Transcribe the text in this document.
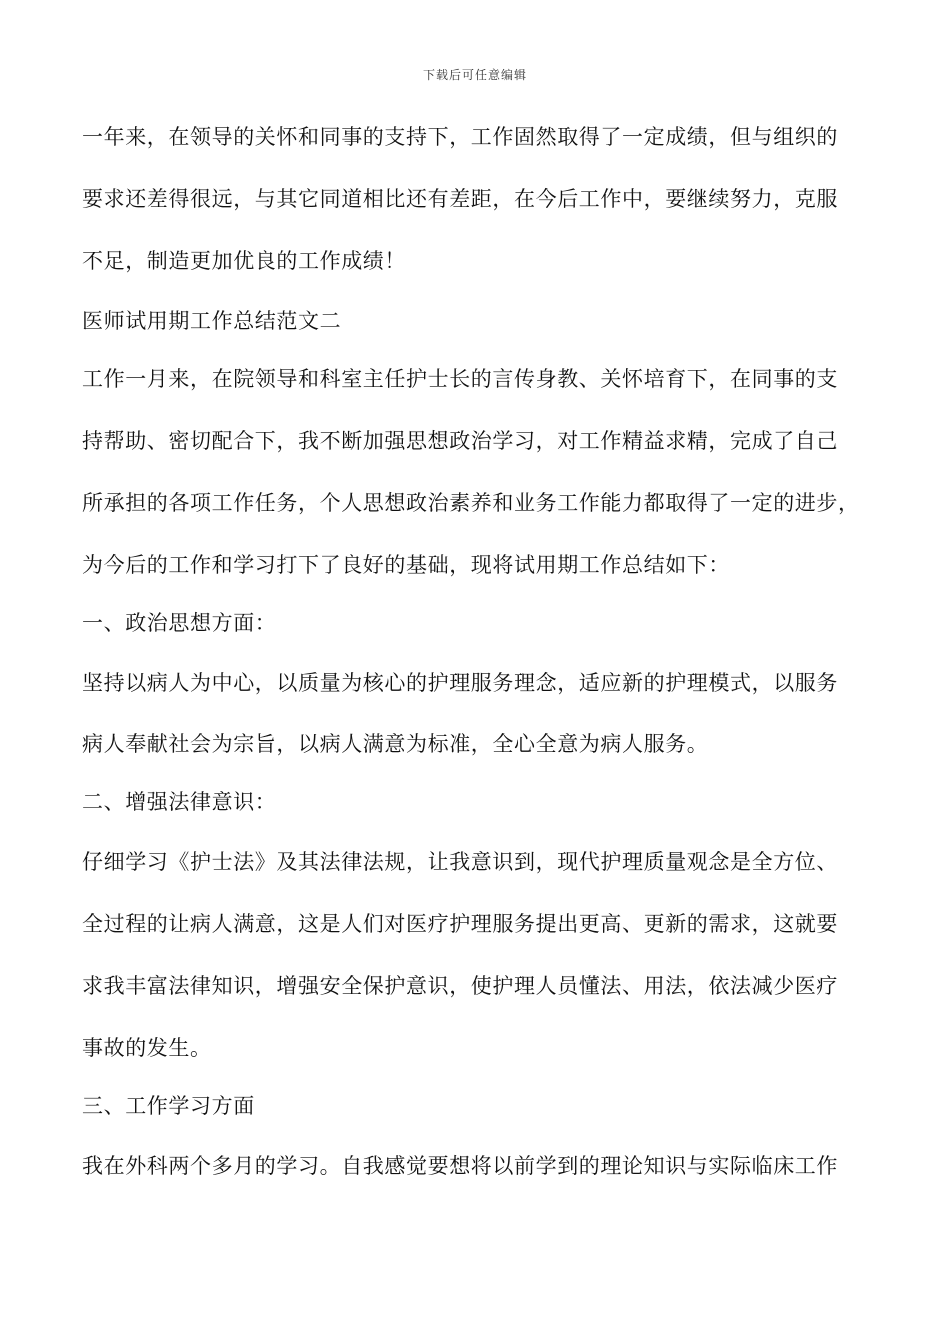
下载后可任意编辑
一年来，在领导的关怀和同事的支持下，工作固然取得了一定成绩，但与组织的
要求还差得很远，与其它同道相比还有差距，在今后工作中，要继续努力，克服
不足，制造更加优良的工作成绩！
医师试用期工作总结范文二
工作一月来，在院领导和科室主任护士长的言传身教、关怀培育下，在同事的支
持帮助、密切配合下，我不断加强思想政治学习，对工作精益求精，完成了自己
所承担的各项工作任务，个人思想政治素养和业务工作能力都取得了一定的进步，
为今后的工作和学习打下了良好的基础，现将试用期工作总结如下：
一、政治思想方面：
坚持以病人为中心，以质量为核心的护理服务理念，适应新的护理模式，以服务
病人奉献社会为宗旨，以病人满意为标准，全心全意为病人服务。
二、增强法律意识：
仔细学习《护士法》及其法律法规，让我意识到，现代护理质量观念是全方位、
全过程的让病人满意，这是人们对医疗护理服务提出更高、更新的需求，这就要
求我丰富法律知识，增强安全保护意识，使护理人员懂法、用法，依法减少医疗
事故的发生。
三、工作学习方面
我在外科两个多月的学习。自我感觉要想将以前学到的理论知识与实际临床工作
